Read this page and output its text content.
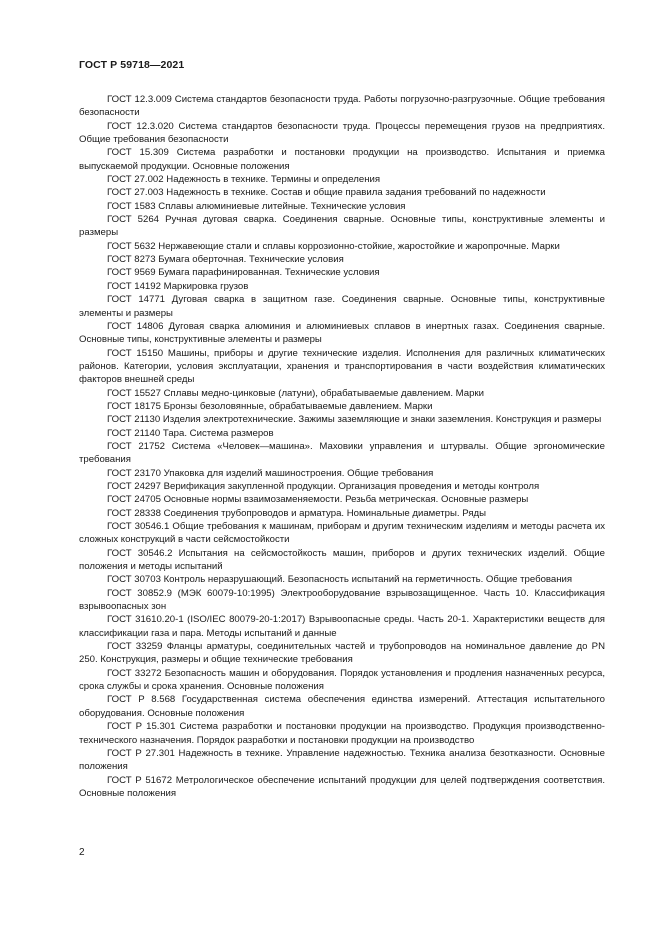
ГОСТ Р 59718—2021

ГОСТ 12.3.009 Система стандартов безопасности труда. Работы погрузочно-разгрузочные. Общие требования безопасности

ГОСТ 12.3.020 Система стандартов безопасности труда. Процессы перемещения грузов на предприятиях. Общие требования безопасности

ГОСТ 15.309 Система разработки и постановки продукции на производство. Испытания и приемка выпускаемой продукции. Основные положения

ГОСТ 27.002 Надежность в технике. Термины и определения

ГОСТ 27.003 Надежность в технике. Состав и общие правила задания требований по надежности

ГОСТ 1583 Сплавы алюминиевые литейные. Технические условия

ГОСТ 5264 Ручная дуговая сварка. Соединения сварные. Основные типы, конструктивные элементы и размеры

ГОСТ 5632 Нержавеющие стали и сплавы коррозионно-стойкие, жаростойкие и жаропрочные. Марки

ГОСТ 8273 Бумага оберточная. Технические условия

ГОСТ 9569 Бумага парафинированная. Технические условия

ГОСТ 14192 Маркировка грузов

ГОСТ 14771 Дуговая сварка в защитном газе. Соединения сварные. Основные типы, конструктивные элементы и размеры

ГОСТ 14806 Дуговая сварка алюминия и алюминиевых сплавов в инертных газах. Соединения сварные. Основные типы, конструктивные элементы и размеры

ГОСТ 15150 Машины, приборы и другие технические изделия. Исполнения для различных климатических районов. Категории, условия эксплуатации, хранения и транспортирования в части воздействия климатических факторов внешней среды

ГОСТ 15527 Сплавы медно-цинковые (латуни), обрабатываемые давлением. Марки

ГОСТ 18175 Бронзы безоловянные, обрабатываемые давлением. Марки

ГОСТ 21130 Изделия электротехнические. Зажимы заземляющие и знаки заземления. Конструкция и размеры

ГОСТ 21140 Тара. Система размеров

ГОСТ 21752 Система «Человек—машина». Маховики управления и штурвалы. Общие эргономические требования

ГОСТ 23170 Упаковка для изделий машиностроения. Общие требования

ГОСТ 24297 Верификация закупленной продукции. Организация проведения и методы контроля

ГОСТ 24705 Основные нормы взаимозаменяемости. Резьба метрическая. Основные размеры

ГОСТ 28338 Соединения трубопроводов и арматура. Номинальные диаметры. Ряды

ГОСТ 30546.1 Общие требования к машинам, приборам и другим техническим изделиям и методы расчета их сложных конструкций в части сейсмостойкости

ГОСТ 30546.2 Испытания на сейсмостойкость машин, приборов и других технических изделий. Общие положения и методы испытаний

ГОСТ 30703 Контроль неразрушающий. Безопасность испытаний на герметичность. Общие требования

ГОСТ 30852.9 (МЭК 60079-10:1995) Электрооборудование взрывозащищенное. Часть 10. Классификация взрывоопасных зон

ГОСТ 31610.20-1 (ISO/IEC 80079-20-1:2017) Взрывоопасные среды. Часть 20-1. Характеристики веществ для классификации газа и пара. Методы испытаний и данные

ГОСТ 33259 Фланцы арматуры, соединительных частей и трубопроводов на номинальное давление до PN 250. Конструкция, размеры и общие технические требования

ГОСТ 33272 Безопасность машин и оборудования. Порядок установления и продления назначенных ресурса, срока службы и срока хранения. Основные положения

ГОСТ Р 8.568 Государственная система обеспечения единства измерений. Аттестация испытательного оборудования. Основные положения

ГОСТ Р 15.301 Система разработки и постановки продукции на производство. Продукция производственно-технического назначения. Порядок разработки и постановки продукции на производство

ГОСТ Р 27.301 Надежность в технике. Управление надежностью. Техника анализа безотказности. Основные положения

ГОСТ Р 51672 Метрологическое обеспечение испытаний продукции для целей подтверждения соответствия. Основные положения

2
